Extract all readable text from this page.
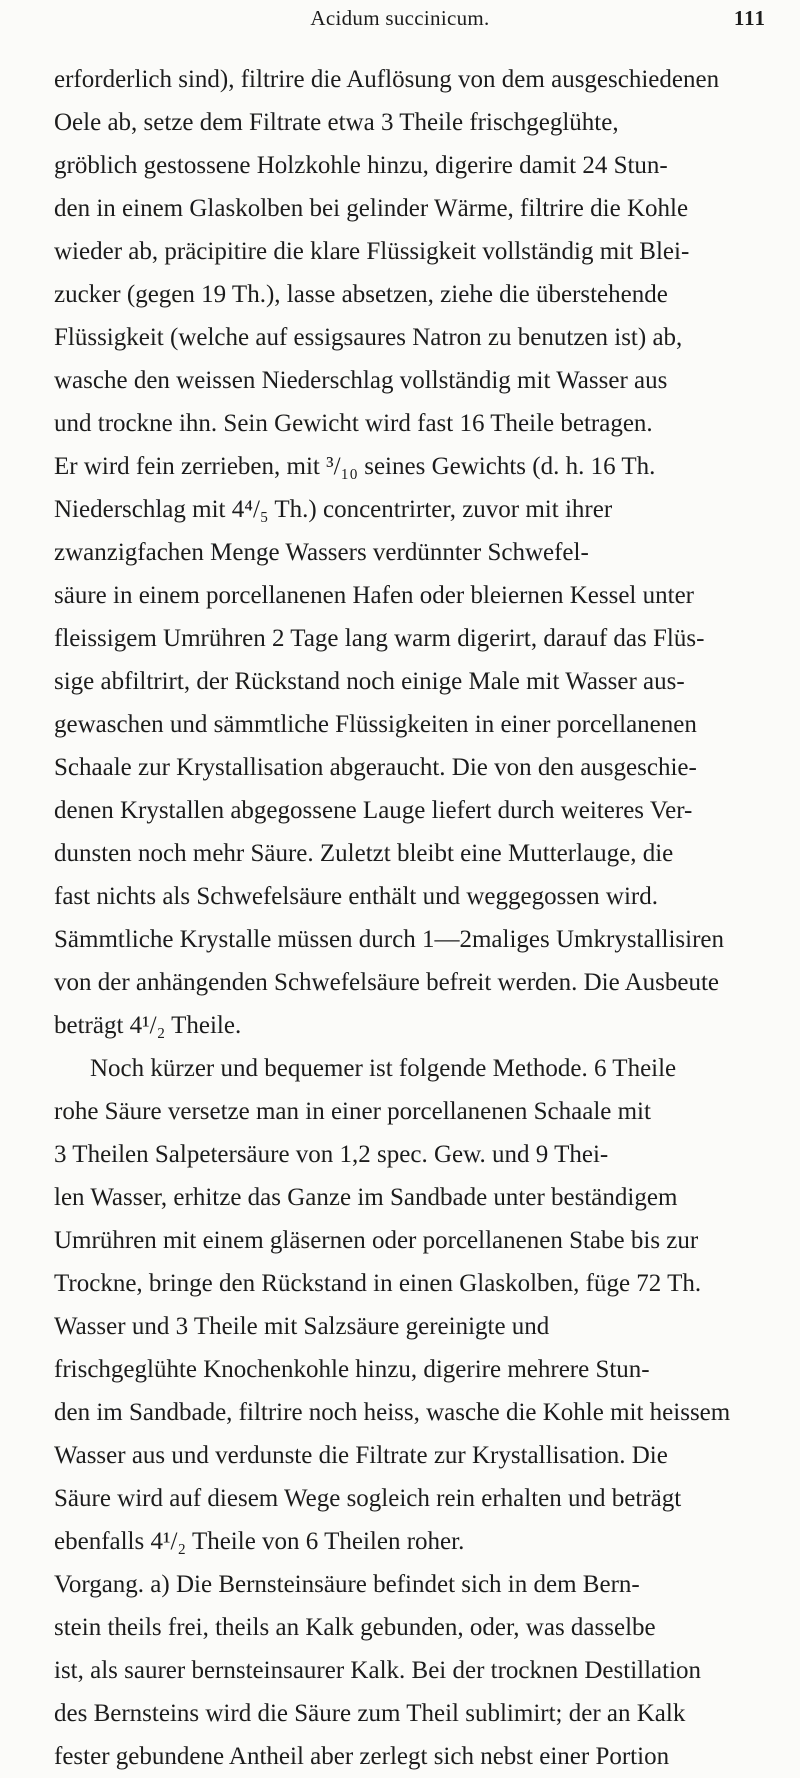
Acidum succinicum.	111
erforderlich sind), filtrire die Auflösung von dem ausgeschiedenen
Oele ab, setze dem Filtrate etwa 3 Theile frischgeglühte,
gröblich gestossene Holzkohle hinzu, digerire damit 24 Stun-
den in einem Glaskolben bei gelinder Wärme, filtrire die Kohle
wieder ab, präcipitire die klare Flüssigkeit vollständig mit Blei-
zucker (gegen 19 Th.), lasse absetzen, ziehe die überstehende
Flüssigkeit (welche auf essigsaures Natron zu benutzen ist) ab,
wasche den weissen Niederschlag vollständig mit Wasser aus
und trockne ihn. Sein Gewicht wird fast 16 Theile betragen.
Er wird fein zerrieben, mit ³/₁₀ seines Gewichts (d. h. 16 Th.
Niederschlag mit 4⁴/₅ Th.) concentrirter, zuvor mit ihrer
zwanzigfachen Menge Wassers verdünnter Schwefel-
säure in einem porcellanenen Hafen oder bleiernen Kessel unter
fleissigem Umrühren 2 Tage lang warm digerirt, darauf das Flüs-
sige abfiltrirt, der Rückstand noch einige Male mit Wasser aus-
gewaschen und sämmtliche Flüssigkeiten in einer porcellanenen
Schaale zur Krystallisation abgeraucht. Die von den ausgeschie-
denen Krystallen abgegossene Lauge liefert durch weiteres Ver-
dunsten noch mehr Säure. Zuletzt bleibt eine Mutterlauge, die
fast nichts als Schwefelsäure enthält und weggegossen wird.
Sämmtliche Krystalle müssen durch 1—2maliges Umkrystallisiren
von der anhängenden Schwefelsäure befreit werden. Die Ausbeute
beträgt 4¹/₂ Theile.
Noch kürzer und bequemer ist folgende Methode. 6 Theile
rohe Säure versetze man in einer porcellanenen Schaale mit
3 Theilen Salpetersäure von 1,2 spec. Gew. und 9 Thei-
len Wasser, erhitze das Ganze im Sandbade unter beständigem
Umrühren mit einem gläsernen oder porcellanenen Stabe bis zur
Trockne, bringe den Rückstand in einen Glaskolben, füge 72 Th.
Wasser und 3 Theile mit Salzsäure gereinigte und
frischgeglühte Knochenkohle hinzu, digerire mehrere Stun-
den im Sandbade, filtrire noch heiss, wasche die Kohle mit heissem
Wasser aus und verdunste die Filtrate zur Krystallisation. Die
Säure wird auf diesem Wege sogleich rein erhalten und beträgt
ebenfalls 4¹/₂ Theile von 6 Theilen roher.
Vorgang. a) Die Bernsteinsäure befindet sich in dem Bern-
stein theils frei, theils an Kalk gebunden, oder, was dasselbe
ist, als saurer bernsteinsaurer Kalk. Bei der trocknen Destillation
des Bernsteins wird die Säure zum Theil sublimirt; der an Kalk
fester gebundene Antheil aber zerlegt sich nebst einer Portion
